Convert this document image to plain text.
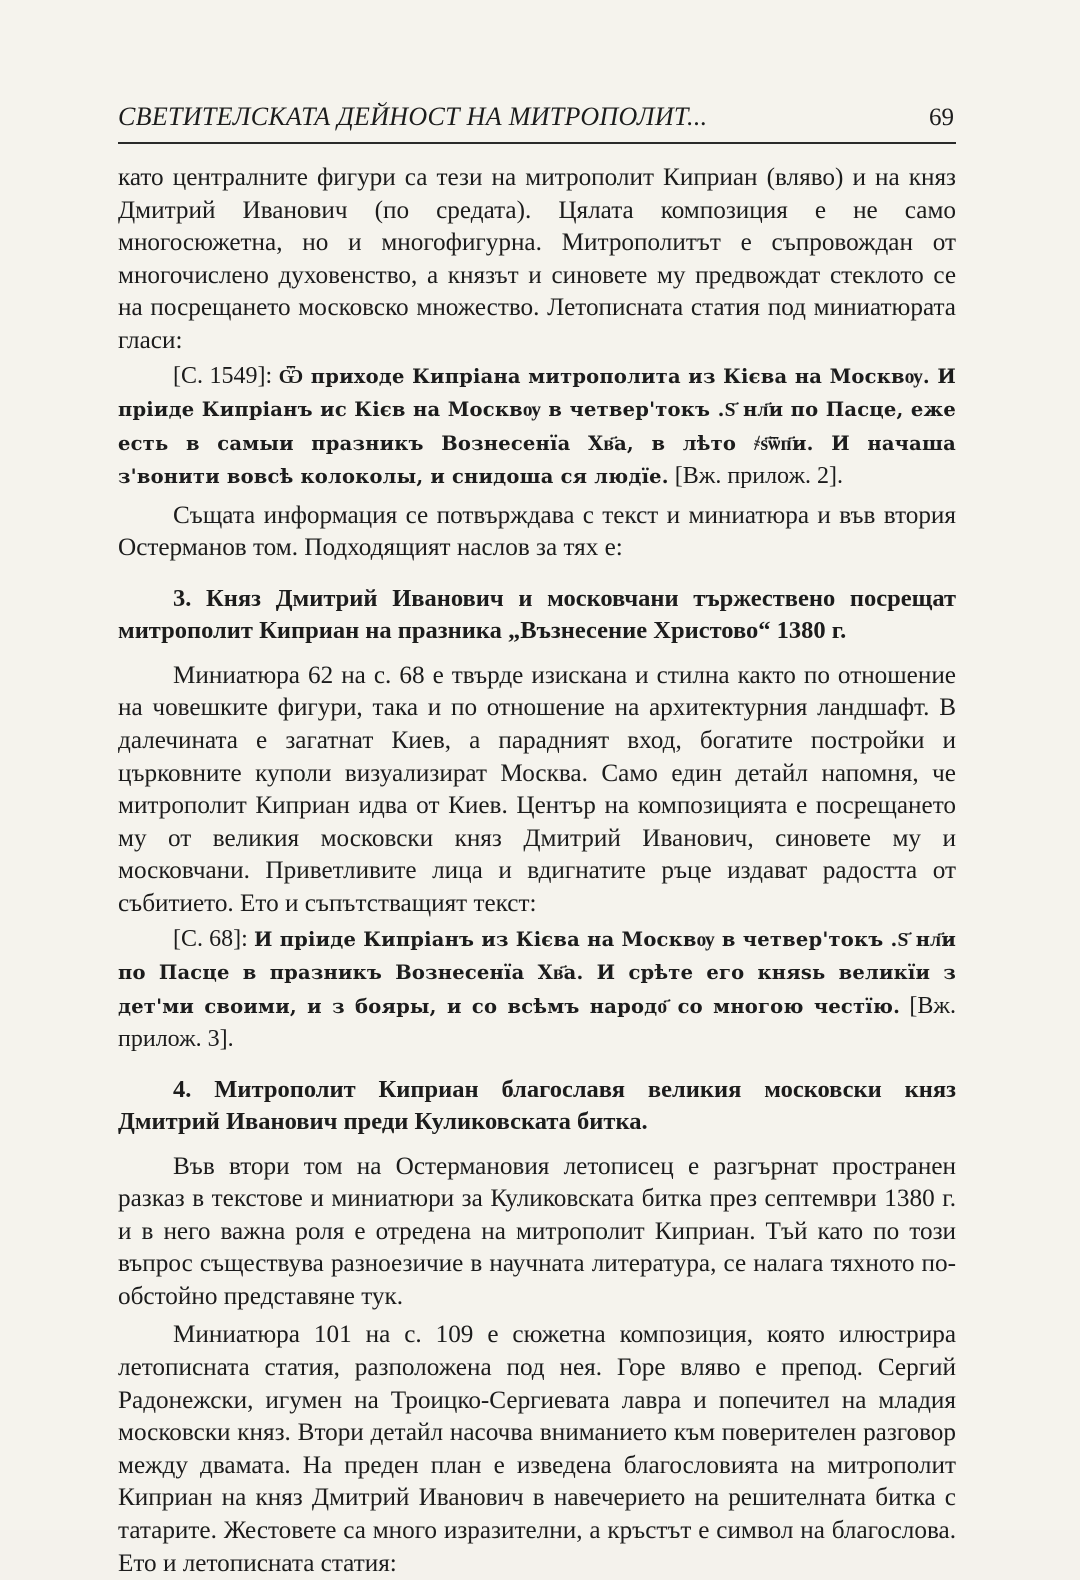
СВЕТИТЕЛСКАТА ДЕЙНОСТ НА МИТРОПОЛИТ...	69

като централните фигури са тези на митрополит Киприан (вляво) и на княз Дмитрий Иванович (по средата). Цялата композиция е не само многосюжетна, но и многофигурна. Митрополитът е съпровождан от многочислено духовенство, а князът и синовете му предвождат стеклото се на посрещането московско множество. Летописната статия под миниатюрата гласи:

[С. 1549]: Ѿ приходе Кипріана митрополита из Кієва на Москвѹ. И пріиде Кипріанъ ис Кієв на Москвѹ в четвер'токъ .Ѕ҃ нл҃и по Пасце, еже есть в самыи празникъ Вознесенїа Хв҃а, в лѣто ҂ѕ҃ѿп҃и. И начаша з'вонити вовсѣ колоколы, и снидоша ся людїе. [Вж. прилож. 2].

Същата информация се потвърждава с текст и миниатюра и във втория Остерманов том. Подходящият наслов за тях е:

3. Княз Дмитрий Иванович и московчани тържествено посрещат митрополит Киприан на празника „Възнесение Христово“ 1380 г.

Миниатюра 62 на с. 68 е твърде изискана и стилна както по отношение на човешките фигури, така и по отношение на архитектурния ландшафт. В далечината е загатнат Киев, а парадният вход, богатите постройки и църковните куполи визуализират Москва. Само един детайл напомня, че митрополит Киприан идва от Киев. Център на композицията е посрещането му от великия московски княз Дмитрий Иванович, синовете му и московчани. Приветливите лица и вдигнатите ръце издават радостта от събитието. Ето и съпътстващият текст:

[С. 68]: И пріиде Кипріанъ из Кієва на Москвѹ в четвер'токъ .Ѕ҃ нл҃и по Пасце в празникъ Вознесенїа Хв҃а. И срѣте его княѕь великїи з дет'ми своими, и з бояры, и со всѣмъ народо҃ со многою честїю. [Вж. прилож. 3].

4. Митрополит Киприан благославя великия московски княз Дмитрий Иванович преди Куликовската битка.

Във втори том на Остермановия летописец е разгърнат пространен разказ в текстове и миниатюри за Куликовската битка през септември 1380 г. и в него важна роля е отредена на митрополит Киприан. Тъй като по този въпрос съществува разноезичие в научната литература, се налага тяхното по-обстойно представяне тук.

Миниатюра 101 на с. 109 е сюжетна композиция, която илюстрира летописната статия, разположена под нея. Горе вляво е препод. Сергий Радонежски, игумен на Троицко-Сергиевата лавра и попечител на младия московски княз. Втори детайл насочва вниманието към поверителен разговор между двамата. На преден план е изведена благословията на митрополит Киприан на княз Дмитрий Иванович в навечерието на решителната битка с татарите. Жестовете са много изразителни, а кръстът е символ на благослова. Ето и летописната статия:
